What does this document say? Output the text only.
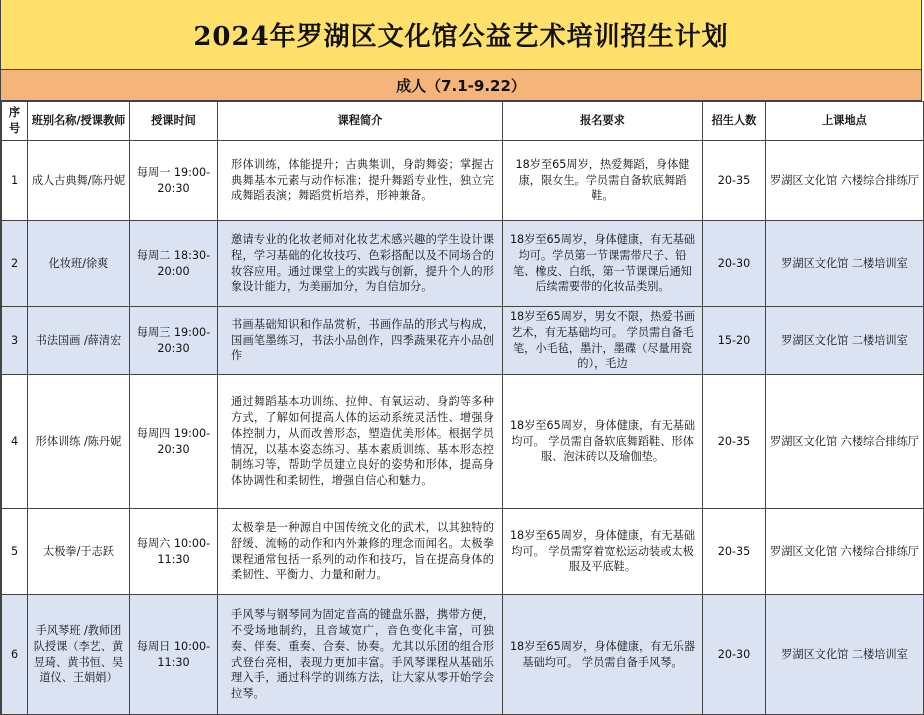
2024年罗湖区文化馆公益艺术培训招生计划
成人（7.1-9.22）
序号	班别名称/授课教师	授课时间	课程简介	报名要求	招生人数	上课地点
1	成人古典舞/陈丹妮	每周一 19:00-20:30	形体训练，体能提升；古典集训，身韵舞姿；掌握古典舞基本元素与动作标准；提升舞蹈专业性，独立完成舞蹈表演；舞蹈赏析培养，形神兼备。	18岁至65周岁，热爱舞蹈，身体健康，限女生。学员需自备软底舞蹈鞋。	20-35	罗湖区文化馆 六楼综合排练厅
2	化妆班/徐爽	每周二 18:30-20:00	邀请专业的化妆老师对化妆艺术感兴趣的学生设计课程，学习基础的化妆技巧、色彩搭配以及不同场合的妆容应用。通过课堂上的实践与创新，提升个人的形象设计能力，为美丽加分，为自信加分。	18岁至65周岁，身体健康，有无基础均可。学员第一节课需带尺子、铅笔、橡皮、白纸，第一节课课后通知后续需要带的化妆品类别。	20-30	罗湖区文化馆 二楼培训室
3	书法国画 /薛清宏	每周三 19:00-20:30	书画基础知识和作品赏析，书画作品的形式与构成，国画笔墨练习，书法小品创作，四季蔬果花卉小品创作	18岁至65周岁，男女不限，热爱书画艺术，有无基础均可。 学员需自备毛笔，小毛毡，墨汁，墨碟（尽量用瓷的），毛边	15-20	罗湖区文化馆 二楼培训室
4	形体训练 /陈丹妮	每周四 19:00-20:30	通过舞蹈基本功训练、拉伸、有氧运动、身韵等多种方式，了解如何提高人体的运动系统灵活性、增强身体控制力，从而改善形态，塑造优美形体。根据学员情况，以基本姿态练习、基本素质训练、基本形态控制练习等，帮助学员建立良好的姿势和形体，提高身体协调性和柔韧性，增强自信心和魅力。	18岁至65周岁，身体健康，有无基础均可。 学员需自备软底舞蹈鞋、形体服、泡沫砖以及瑜伽垫。	20-35	罗湖区文化馆 六楼综合排练厅
5	太极拳/于志跃	每周六 10:00-11:30	太极拳是一种源自中国传统文化的武术，以其独特的舒缓、流畅的动作和内外兼修的理念而闻名。太极拳课程通常包括一系列的动作和技巧，旨在提高身体的柔韧性、平衡力、力量和耐力。	18岁至65周岁，身体健康，有无基础均可。 学员需穿着宽松运动装或太极服及平底鞋。	20-35	罗湖区文化馆 六楼综合排练厅
6	手风琴班 /教师团队授课（李艺、黄昱琦、黄书恒、吴道仪、王娟娟）	每周日 10:00-11:30	手风琴与钢琴同为固定音高的键盘乐器，携带方便，不受场地制约，且音域宽广，音色变化丰富，可独奏、伴奏、重奏、合奏、协奏。尤其以乐团的组合形式登台亮相，表现力更加丰富。手风琴课程从基础乐理入手，通过科学的训练方法，让大家从零开始学会拉琴。	18岁至65周岁，身体健康，有无乐器基础均可。 学员需自备手风琴。	20-30	罗湖区文化馆 二楼培训室
